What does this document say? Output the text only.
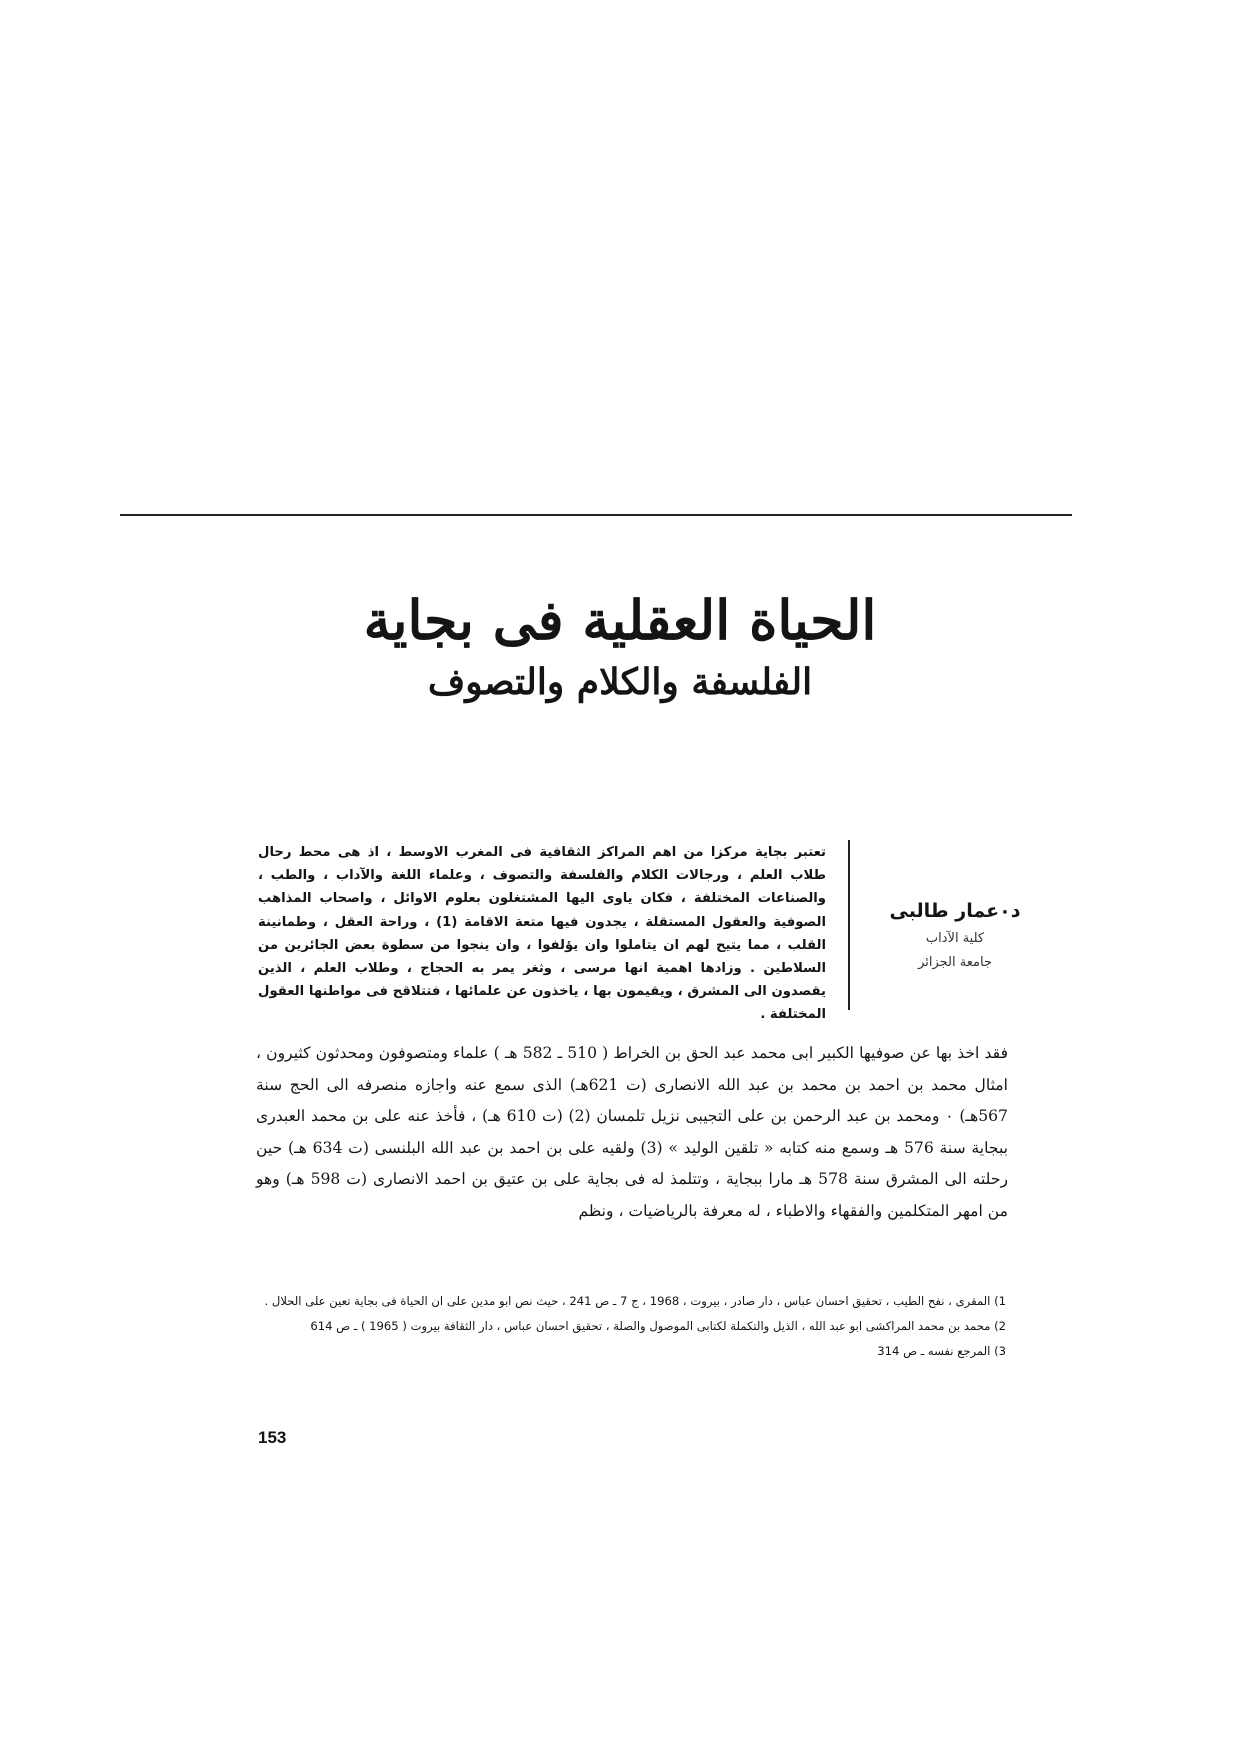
الحياة العقلية فى بجاية
الفلسفة والكلام والتصوف
د٠عمار طالبى
كلية الآداب
جامعة الجزائر
تعتبر بجاية مركزا من اهم المراكز الثقافية فى المغرب الاوسط ، اذ هى محط رحال طلاب العلم ، ورجالات الكلام والفلسفة والتصوف ، وعلماء اللغة والآداب ، والطب ، والصناعات المختلفة ، فكان ياوى اليها المشتغلون بعلوم الاوائل ، واصحاب المذاهب الصوفية والعقول المستقلة ، يجدون فيها متعة الاقامة (1) ، وراحة العقل ، وطمانينة القلب ، مما يتيح لهم ان يتاملوا وان يؤلفوا ، وان ينجوا من سطوة بعض الجائرين من السلاطين . وزادها اهمية انها مرسى ، وثغر يمر به الحجاج ، وطلاب العلم ، الذين يقصدون الى المشرق ، ويقيمون بها ، ياخذون عن علمائها ، فتتلاقح فى مواطنها العقول المختلفة .
فقد اخذ بها عن صوفيها الكبير ابى محمد عبد الحق بن الخراط ( 510 ـ 582 هـ ) علماء ومتصوفون ومحدثون كثيرون ، امثال محمد بن احمد بن محمد بن عبد الله الانصارى (ت 621هـ) الذى سمع عنه واجازه منصرفه الى الحج سنة 567هـ) ٠ ومحمد بن عبد الرحمن بن على التجيبى نزيل تلمسان (2) (ت 610 هـ) ، فأخذ عنه على بن محمد العبدرى ببجاية سنة 576 هـ وسمع منه كتابه « تلقين الوليد » (3) ولقيه على بن احمد بن عبد الله البلنسى (ت 634 هـ) حين رحلته الى المشرق سنة 578 هـ مارا ببجاية ، وتتلمذ له فى بجاية على بن عتيق بن احمد الانصارى (ت 598 هـ) وهو من امهر المتكلمين والفقهاء والاطباء ، له معرفة بالرياضيات ، ونظم

1) المقرى ، نفح الطيب ، تحقيق احسان عباس ، دار صادر ، بيروت ، 1968 ، ج 7 ـ ص 241 ، حيث نص ابو مدين على ان الحياة فى بجاية تعين على الحلال .

2) محمد بن محمد المراكشى ابو عبد الله ، الذيل والتكملة لكتابى الموصول والصلة ، تحقيق احسان عباس ، دار الثقافة بيروت ( 1965 ) ـ ص 614

3) المرجع نفسه ـ ص 314

153
